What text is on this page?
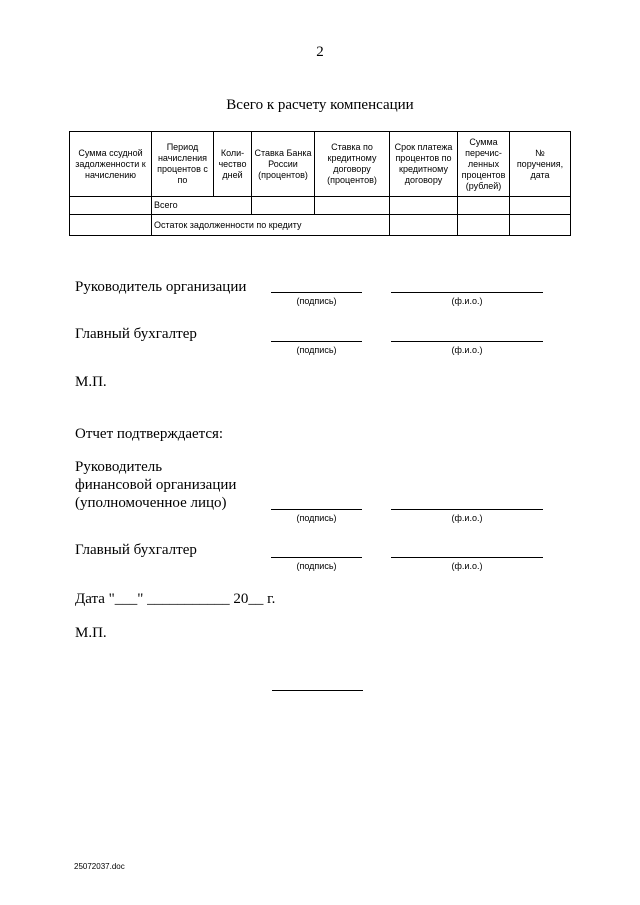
2
Всего к расчету компенсации
Сумма ссудной задолженности к начислению	Период начисления процентов с по	Коли-чество дней	Ставка Банка России (процентов)	Ставка по кредитному договору (процентов)	Срок платежа процентов по кредитному договору	Сумма перечис-ленных процентов (рублей)	№ поручения, дата
	Всего						
	Остаток задолженности по кредиту						
Руководитель организации
(подпись)	(ф.и.о.)
Главный бухгалтер
(подпись)	(ф.и.о.)
М.П.
Отчет подтверждается:
Руководитель
финансовой организации
(уполномоченное лицо)
(подпись)	(ф.и.о.)
Главный бухгалтер
(подпись)	(ф.и.о.)
Дата "___" ___________ 20__ г.
М.П.
25072037.doc
